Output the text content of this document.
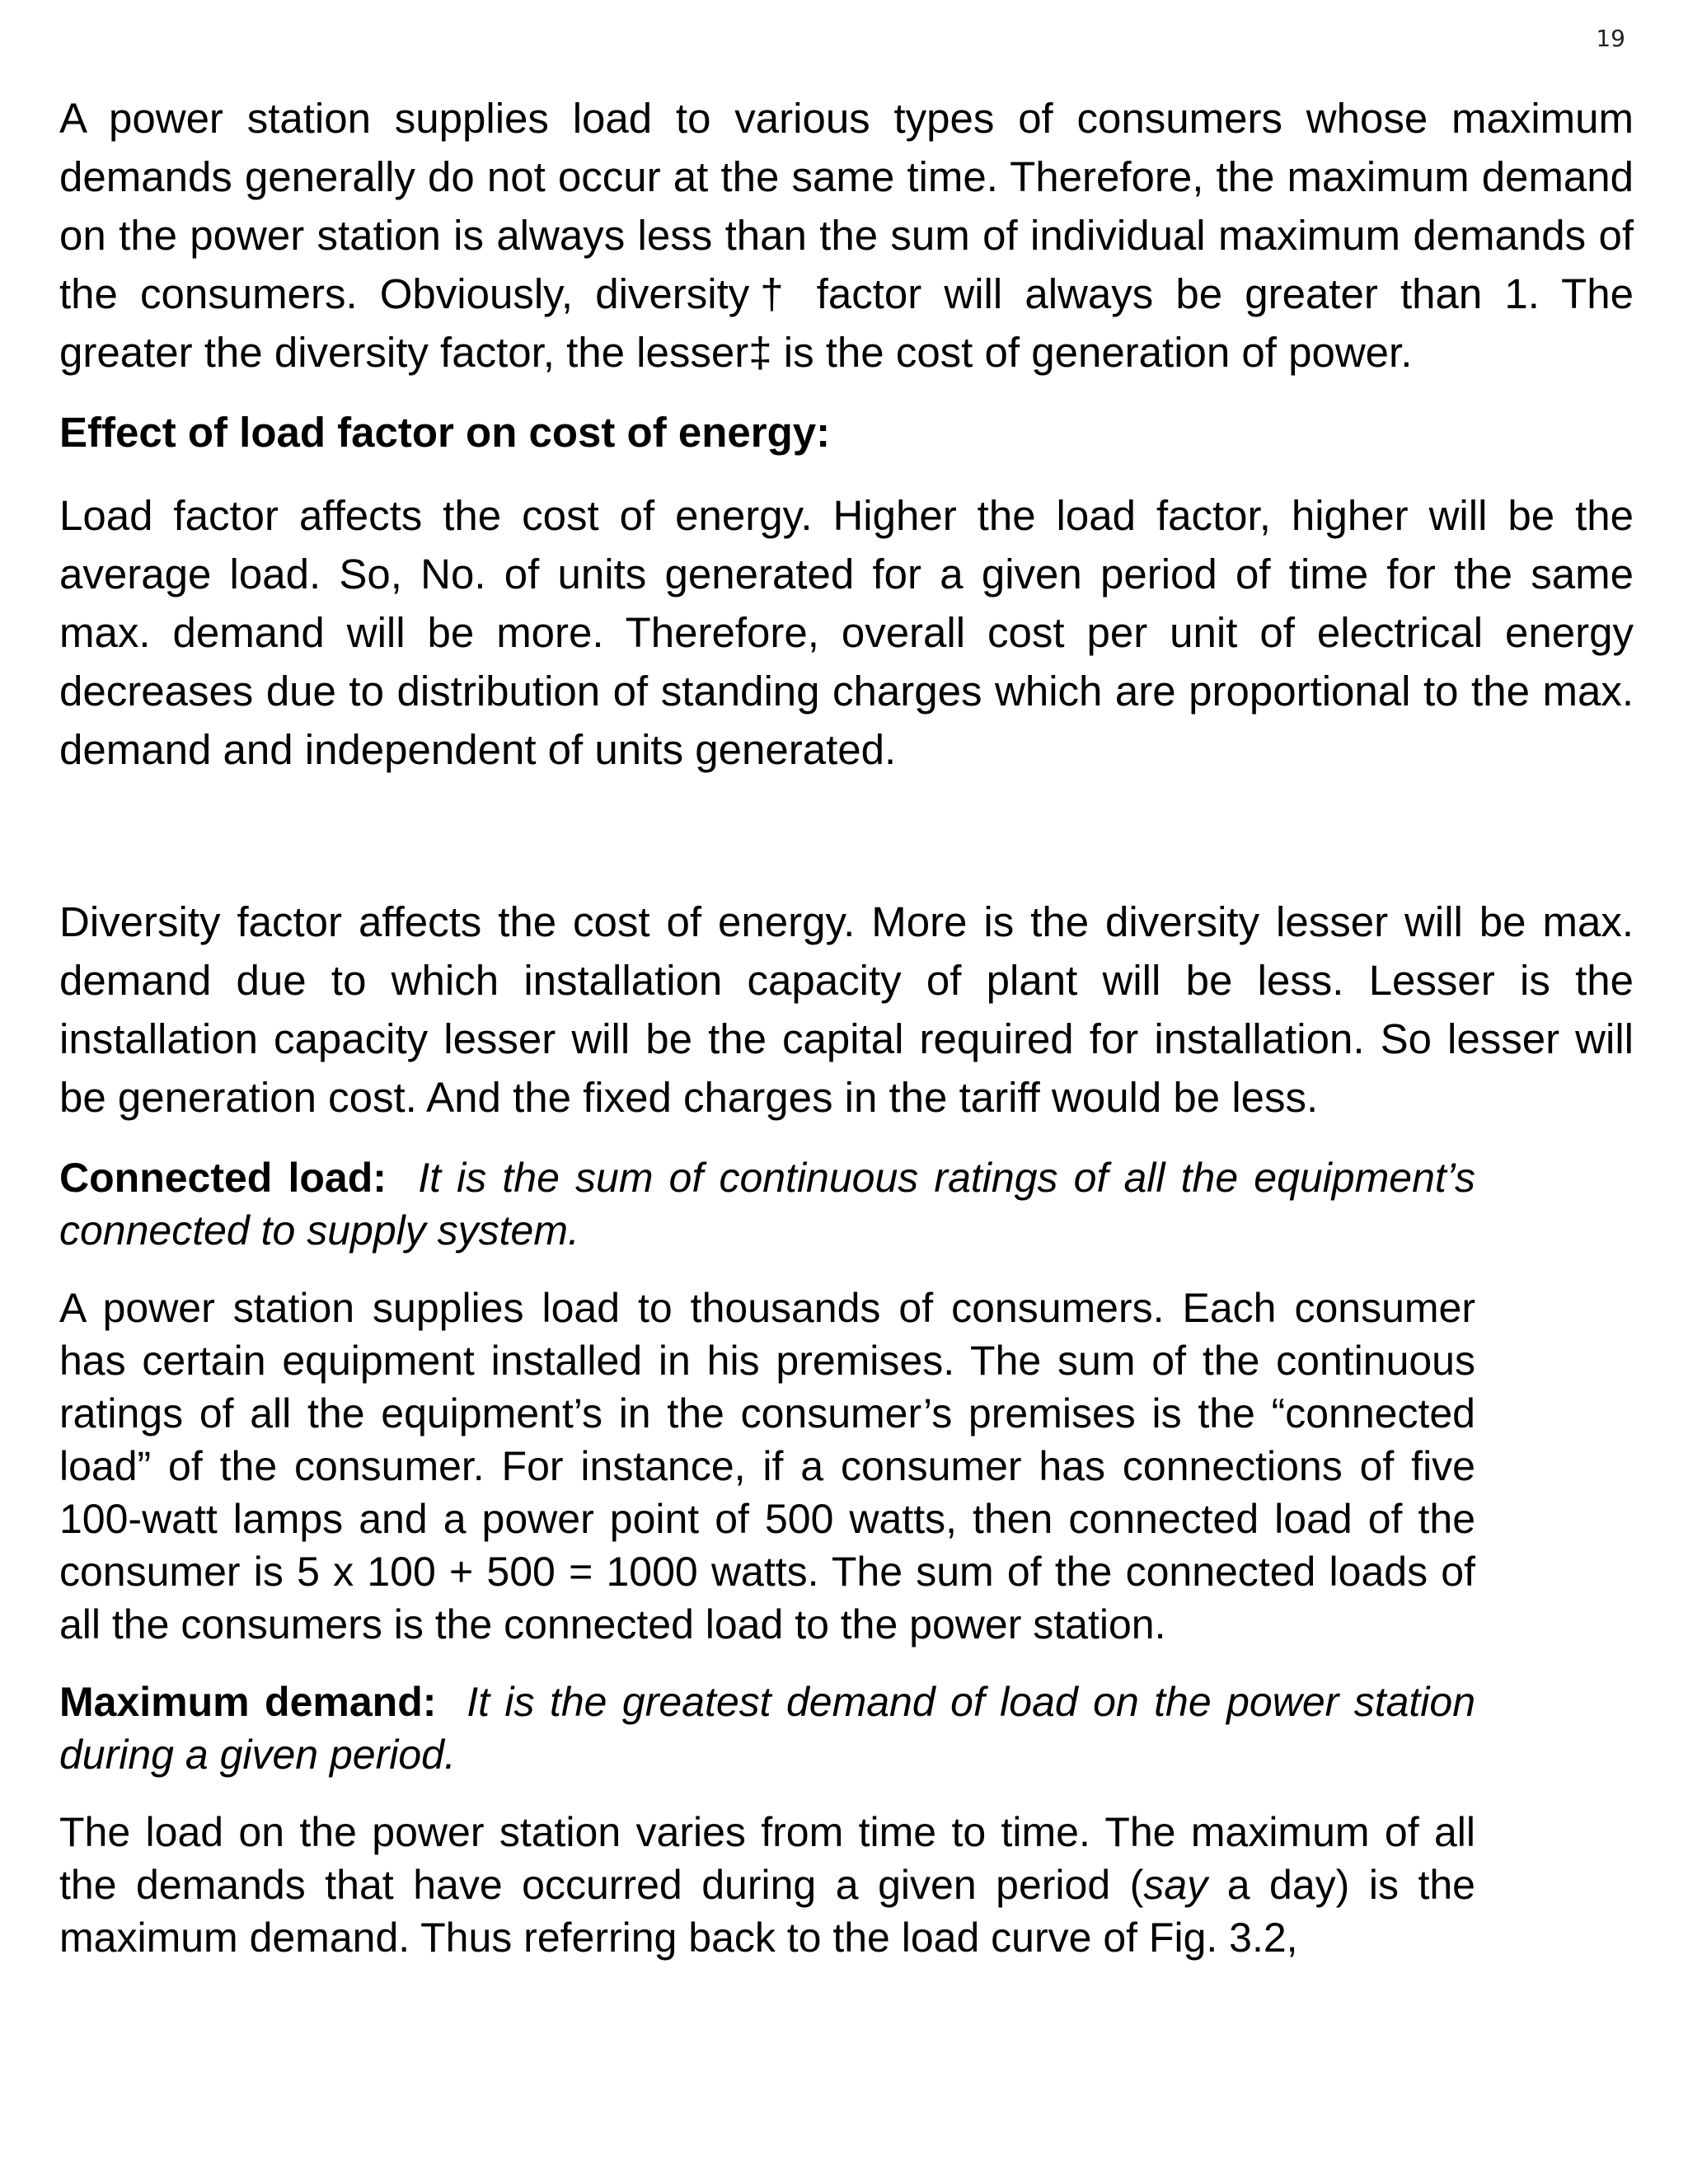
19

A power station supplies load to various types of consumers whose maximum demands generally do not occur at the same time. Therefore, the maximum demand on the power station is always less than the sum of individual maximum demands of the consumers. Obviously, diversity† factor will always be greater than 1. The greater the diversity factor, the lesser‡ is the cost of generation of power.

Effect of load factor on cost of energy:

Load factor affects the cost of energy. Higher the load factor, higher will be the average load. So, No. of units generated for a given period of time for the same max. demand will be more. Therefore, overall cost per unit of electrical energy decreases due to distribution of standing charges which are proportional to the max. demand and independent of units generated.

Diversity factor affects the cost of energy. More is the diversity lesser will be max. demand due to which installation capacity of plant will be less. Lesser is the installation capacity lesser will be the capital required for installation. So lesser will be generation cost. And the fixed charges in the tariff would be less.

Connected load: It is the sum of continuous ratings of all the equipment’s connected to supply system.

A power station supplies load to thousands of consumers. Each consumer has certain equipment installed in his premises. The sum of the continuous ratings of all the equipment’s in the consumer’s premises is the “connected load” of the consumer. For instance, if a consumer has connections of five 100-watt lamps and a power point of 500 watts, then connected load of the consumer is 5 x 100 + 500 = 1000 watts. The sum of the connected loads of all the consumers is the connected load to the power station.

Maximum demand: It is the greatest demand of load on the power station during a given period.

The load on the power station varies from time to time. The maximum of all the demands that have occurred during a given period (say a day) is the maximum demand. Thus referring back to the load curve of Fig. 3.2,
